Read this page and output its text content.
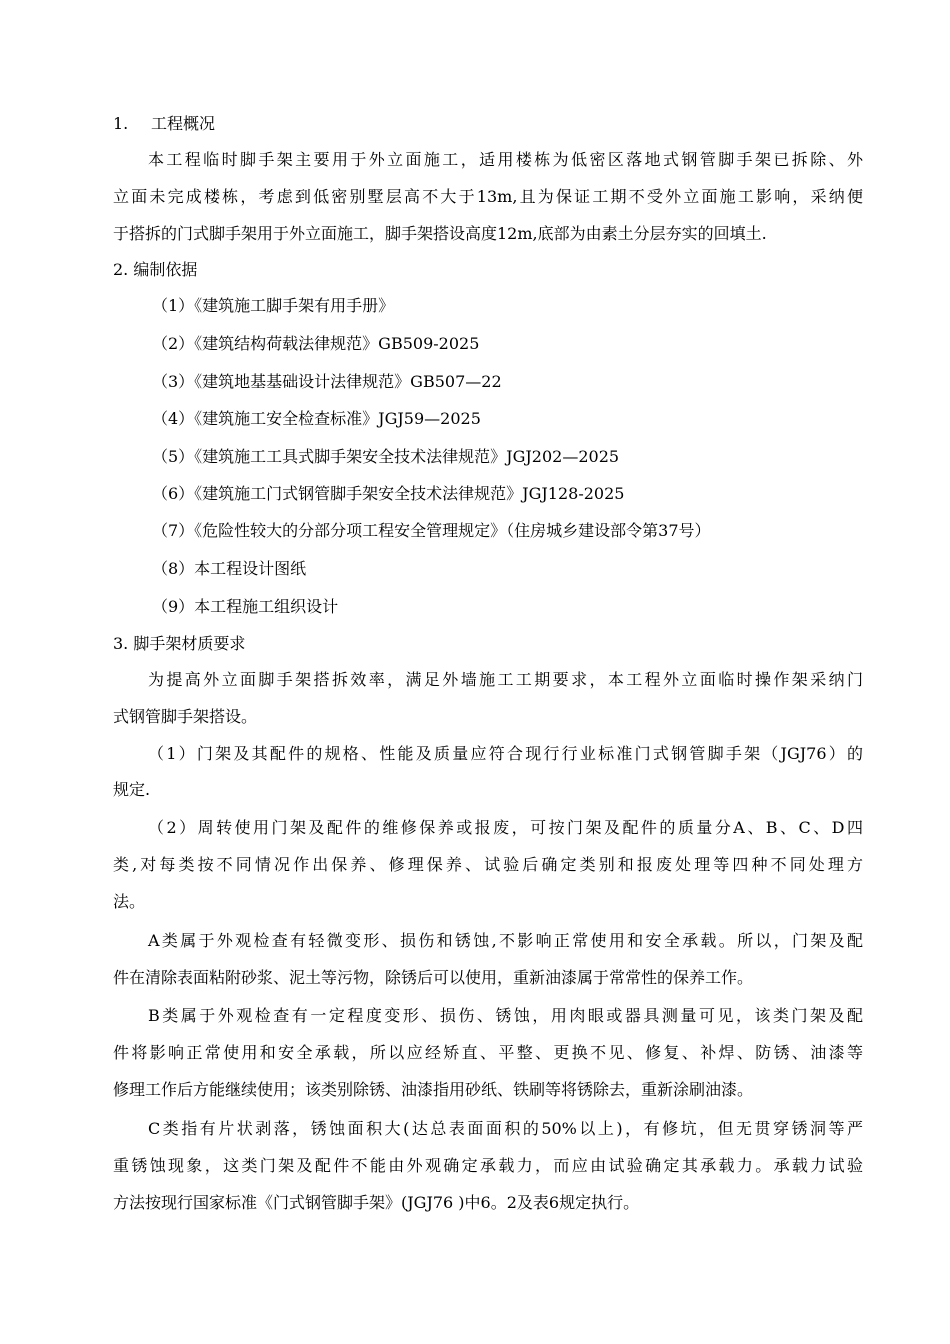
1. 工程概况
本工程临时脚手架主要用于外立面施工，适用楼栋为低密区落地式钢管脚手架已拆除、外
立面未完成楼栋，考虑到低密别墅层高不大于13m,且为保证工期不受外立面施工影响，采纳便
于搭拆的门式脚手架用于外立面施工，脚手架搭设高度12m,底部为由素土分层夯实的回填土.
2. 编制依据
（1）《建筑施工脚手架有用手册》
（2）《建筑结构荷载法律规范》GB509-2025
（3）《建筑地基基础设计法律规范》GB507—22
（4）《建筑施工安全检查标准》JGJ59—2025
（5）《建筑施工工具式脚手架安全技术法律规范》JGJ202—2025
（6）《建筑施工门式钢管脚手架安全技术法律规范》JGJ128-2025
（7）《危险性较大的分部分项工程安全管理规定》（住房城乡建设部令第37号）
（8）本工程设计图纸
（9）本工程施工组织设计
3. 脚手架材质要求
为提高外立面脚手架搭拆效率，满足外墙施工工期要求，本工程外立面临时操作架采纳门
式钢管脚手架搭设。
（1）门架及其配件的规格、性能及质量应符合现行行业标准门式钢管脚手架（JGJ76）的
规定.
（2）周转使用门架及配件的维修保养或报废，可按门架及配件的质量分A、B、C、D四
类,对每类按不同情况作出保养、修理保养、试验后确定类别和报废处理等四种不同处理方
法。
A类属于外观检查有轻微变形、损伤和锈蚀,不影响正常使用和安全承载。所以，门架及配
件在清除表面粘附砂浆、泥土等污物，除锈后可以使用，重新油漆属于常常性的保养工作。
B类属于外观检查有一定程度变形、损伤、锈蚀，用肉眼或器具测量可见，该类门架及配
件将影响正常使用和安全承载，所以应经矫直、平整、更换不见、修复、补焊、防锈、油漆等
修理工作后方能继续使用；该类别除锈、油漆指用砂纸、铁刷等将锈除去，重新涂刷油漆。
C类指有片状剥落，锈蚀面积大(达总表面面积的50%以上)，有修坑，但无贯穿锈洞等严
重锈蚀现象，这类门架及配件不能由外观确定承载力，而应由试验确定其承载力。承载力试验
方法按现行国家标准《门式钢管脚手架》(JGJ76 )中6。2及表6规定执行。
